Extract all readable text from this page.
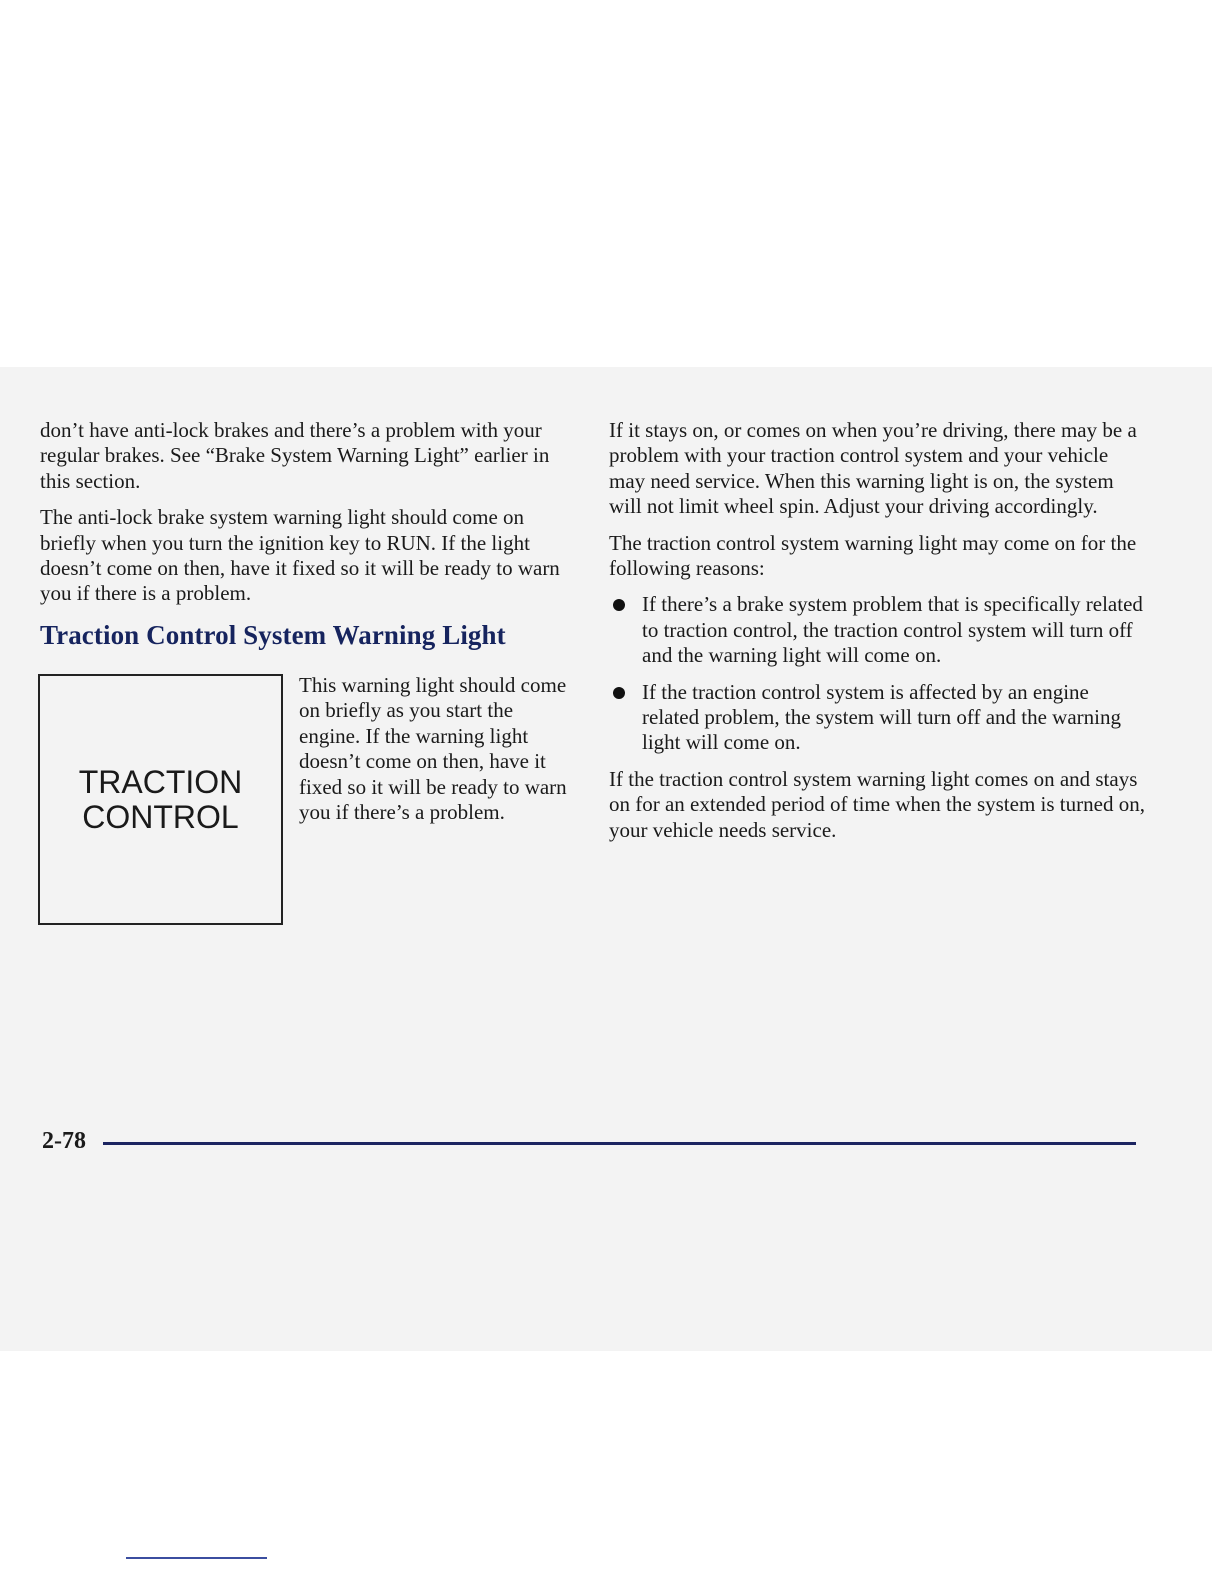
don’t have anti-lock brakes and there’s a problem with your regular brakes. See “Brake System Warning Light” earlier in this section.

The anti-lock brake system warning light should come on briefly when you turn the ignition key to RUN. If the light doesn’t come on then, have it fixed so it will be ready to warn you if there is a problem.

Traction Control System Warning Light
TRACTION
CONTROL
This warning light should come on briefly as you start the engine. If the warning light doesn’t come on then, have it fixed so it will be ready to warn you if there’s a problem.

If it stays on, or comes on when you’re driving, there may be a problem with your traction control system and your vehicle may need service. When this warning light is on, the system will not limit wheel spin. Adjust your driving accordingly.

The traction control system warning light may come on for the following reasons:

If there’s a brake system problem that is specifically related to traction control, the traction control system will turn off and the warning light will come on.
If the traction control system is affected by an engine related problem, the system will turn off and the warning light will come on.

If the traction control system warning light comes on and stays on for an extended period of time when the system is turned on, your vehicle needs service.

2-78
